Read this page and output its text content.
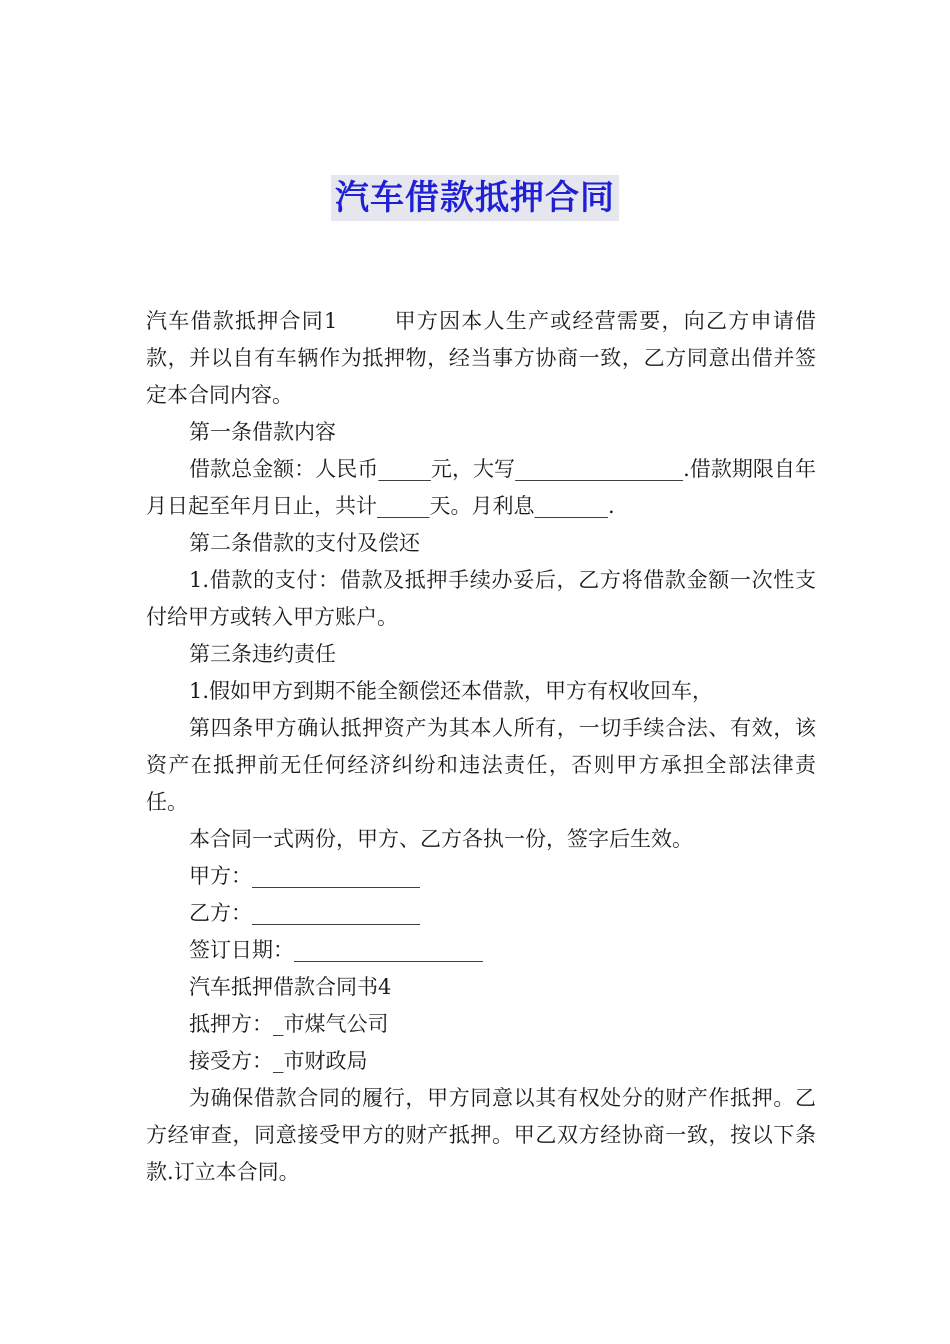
汽车借款抵押合同

汽车借款抵押合同1	甲方因本人生产或经营需要，向乙方申请借款，并以自有车辆作为抵押物，经当事方协商一致，乙方同意出借并签定本合同内容。

第一条借款内容

借款总金额：人民币_____元，大写________________.借款期限自年月日起至年月日止，共计_____天。月利息_______.

第二条借款的支付及偿还

1.借款的支付：借款及抵押手续办妥后，乙方将借款金额一次性支付给甲方或转入甲方账户。

第三条违约责任

1.假如甲方到期不能全额偿还本借款，甲方有权收回车，

第四条甲方确认抵押资产为其本人所有，一切手续合法、有效，该资产在抵押前无任何经济纠纷和违法责任，否则甲方承担全部法律责任。

本合同一式两份，甲方、乙方各执一份，签字后生效。

甲方：________________

乙方：________________

签订日期：__________________

汽车抵押借款合同书4

抵押方：_市煤气公司

接受方：_市财政局

为确保借款合同的履行，甲方同意以其有权处分的财产作抵押。乙方经审查，同意接受甲方的财产抵押。甲乙双方经协商一致，按以下条款.订立本合同。
